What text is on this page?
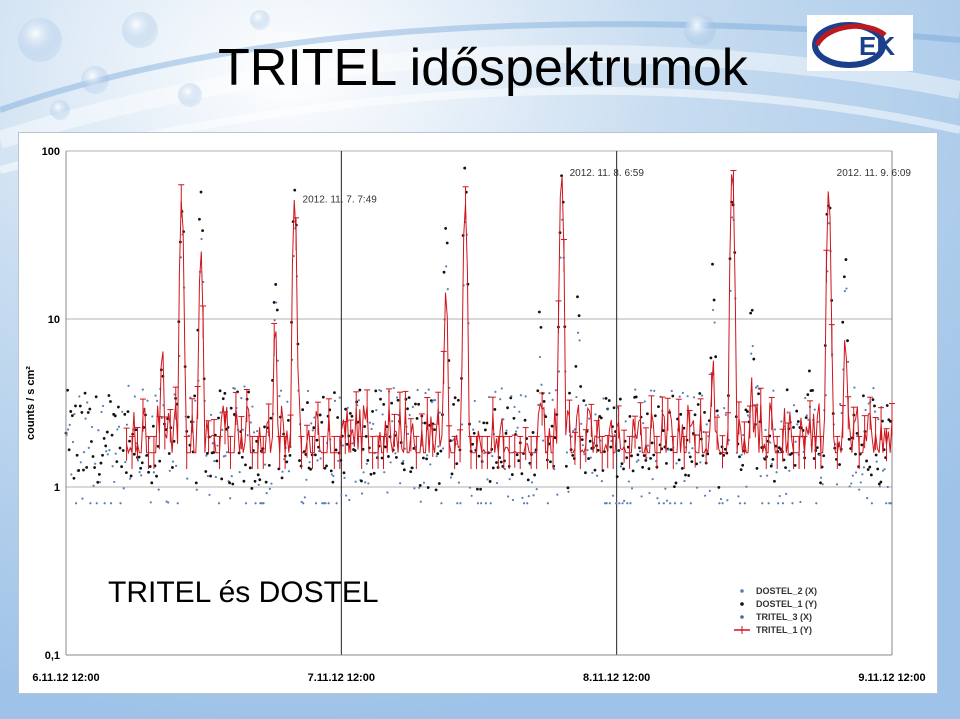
TRITEL időspektrumok	EK
100
10
1
0,1
6.11.12 12:00	7.11.12 12:00	8.11.12 12:00	9.11.12 12:00
counts / s cm²
2012. 11. 7. 7:49
2012. 11. 8. 6:59	2012. 11. 9. 6:09
DOSTEL_2 (X)
DOSTEL_1 (Y)
TRITEL_3 (X)
TRITEL_1 (Y)
TRITEL és DOSTEL
